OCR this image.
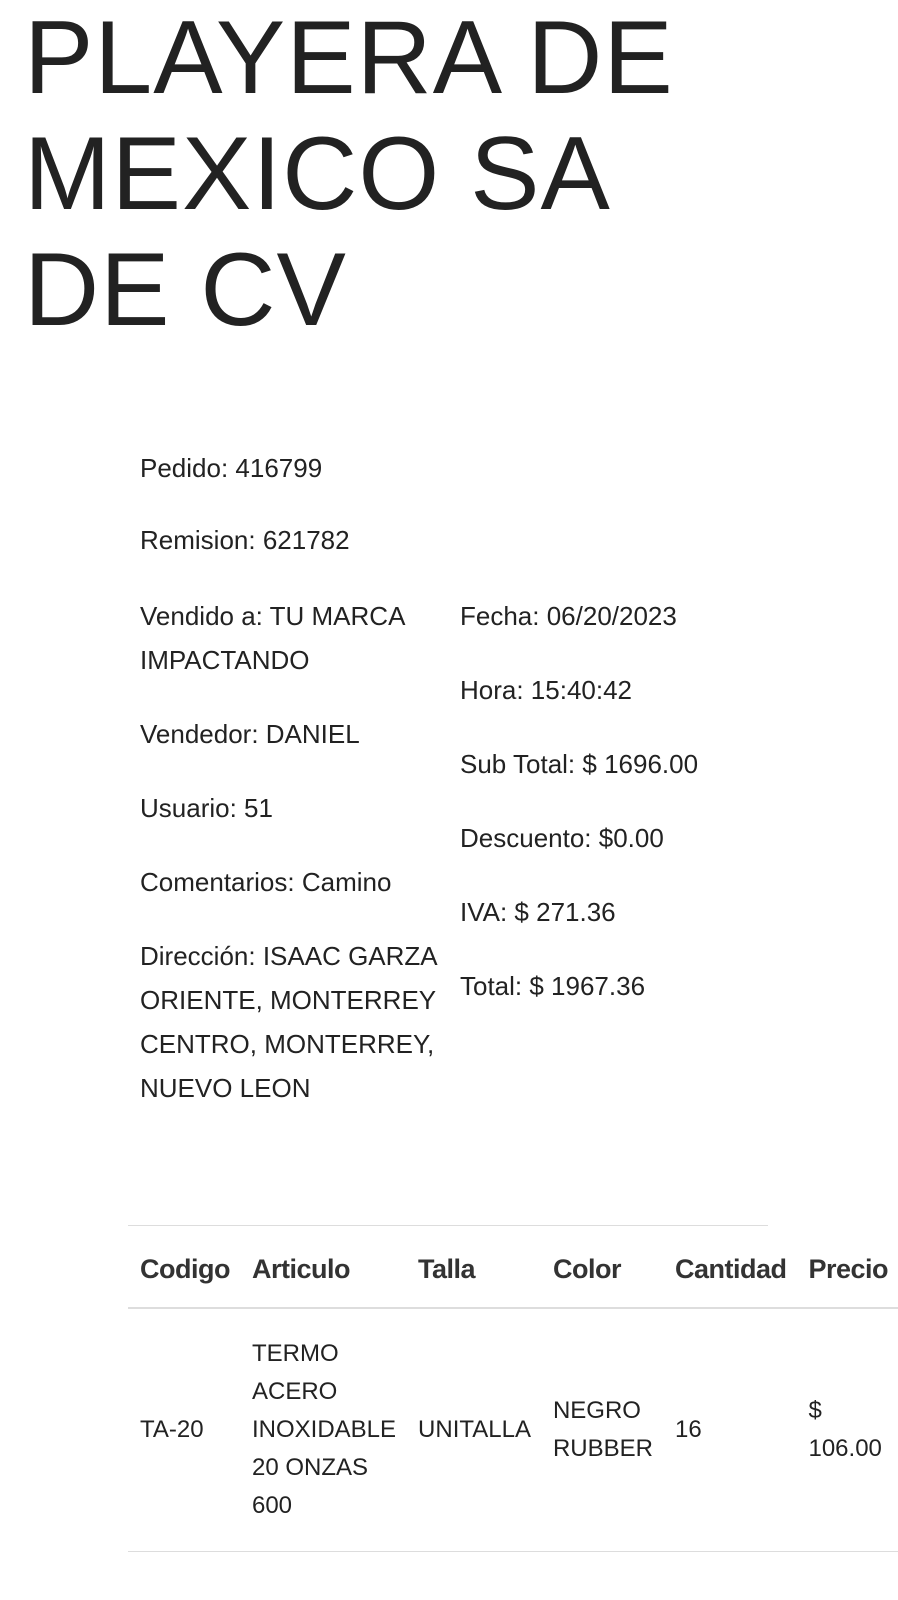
PLAYERA DE MEXICO SA DE CV
Pedido: 416799
Remision: 621782
Vendido a: TU MARCA IMPACTANDO
Vendedor: DANIEL
Usuario: 51
Comentarios: Camino
Dirección: ISAAC GARZA ORIENTE, MONTERREY CENTRO, MONTERREY, NUEVO LEON
Fecha: 06/20/2023
Hora: 15:40:42
Sub Total: $ 1696.00
Descuento: $0.00
IVA: $ 271.36
Total: $ 1967.36
Codigo	Articulo	Talla	Color	Cantidad	Precio
TA-20	TERMO ACERO INOXIDABLE 20 ONZAS 600	UNITALLA	NEGRO RUBBER	16	$ 106.00
